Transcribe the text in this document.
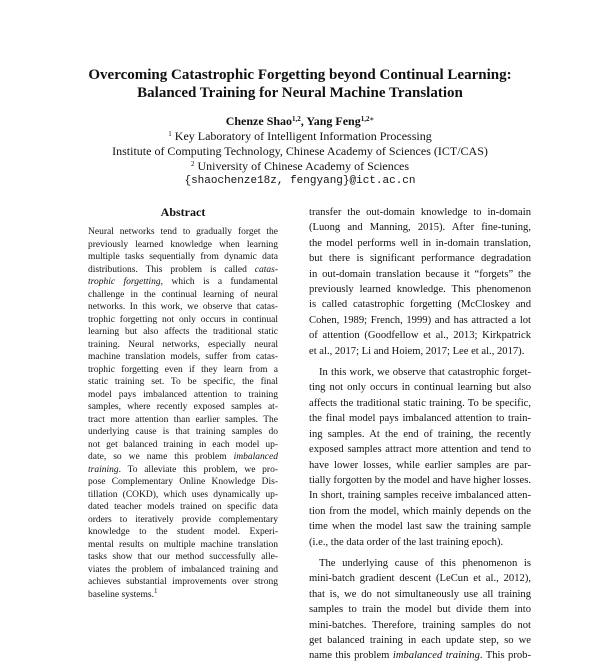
Overcoming Catastrophic Forgetting beyond Continual Learning:
Balanced Training for Neural Machine Translation
Chenze Shao$^{1,2}$, Yang Feng$^{1,2∗}$
$^1$ Key Laboratory of Intelligent Information Processing
Institute of Computing Technology, Chinese Academy of Sciences (ICT/CAS)
$^2$ University of Chinese Academy of Sciences
{shaochenze18z, fengyang}@ict.ac.cn
Abstract
Neural networks tend to gradually forget the
previously learned knowledge when learning
multiple tasks sequentially from dynamic data
distributions. This problem is called catas-
trophic forgetting, which is a fundamental
challenge in the continual learning of neural
networks. In this work, we observe that catas-
trophic forgetting not only occurs in continual
learning but also affects the traditional static
training. Neural networks, especially neural
machine translation models, suffer from catas-
trophic forgetting even if they learn from a
static training set. To be specific, the final
model pays imbalanced attention to training
samples, where recently exposed samples at-
tract more attention than earlier samples. The
underlying cause is that training samples do
not get balanced training in each model up-
date, so we name this problem imbalanced
training. To alleviate this problem, we pro-
pose Complementary Online Knowledge Dis-
tillation (COKD), which uses dynamically up-
dated teacher models trained on specific data
orders to iteratively provide complementary
knowledge to the student model. Experi-
mental results on multiple machine translation
tasks show that our method successfully alle-
viates the problem of imbalanced training and
achieves substantial improvements over strong
baseline systems.$^1$
transfer the out-domain knowledge to in-domain
(Luong and Manning, 2015). After fine-tuning,
the model performs well in in-domain translation,
but there is significant performance degradation
in out-domain translation because it “forgets” the
previously learned knowledge. This phenomenon
is called catastrophic forgetting (McCloskey and
Cohen, 1989; French, 1999) and has attracted a lot
of attention (Goodfellow et al., 2013; Kirkpatrick
et al., 2017; Li and Hoiem, 2017; Lee et al., 2017).
In this work, we observe that catastrophic forget-
ting not only occurs in continual learning but also
affects the traditional static training. To be specific,
the final model pays imbalanced attention to train-
ing samples. At the end of training, the recently
exposed samples attract more attention and tend to
have lower losses, while earlier samples are par-
tially forgotten by the model and have higher losses.
In short, training samples receive imbalanced atten-
tion from the model, which mainly depends on the
time when the model last saw the training sample
(i.e., the data order of the last training epoch).
The underlying cause of this phenomenon is
mini-batch gradient descent (LeCun et al., 2012),
that is, we do not simultaneously use all training
samples to train the model but divide them into
mini-batches. Therefore, training samples do not
get balanced training in each update step, so we
name this problem imbalanced training. This prob-
